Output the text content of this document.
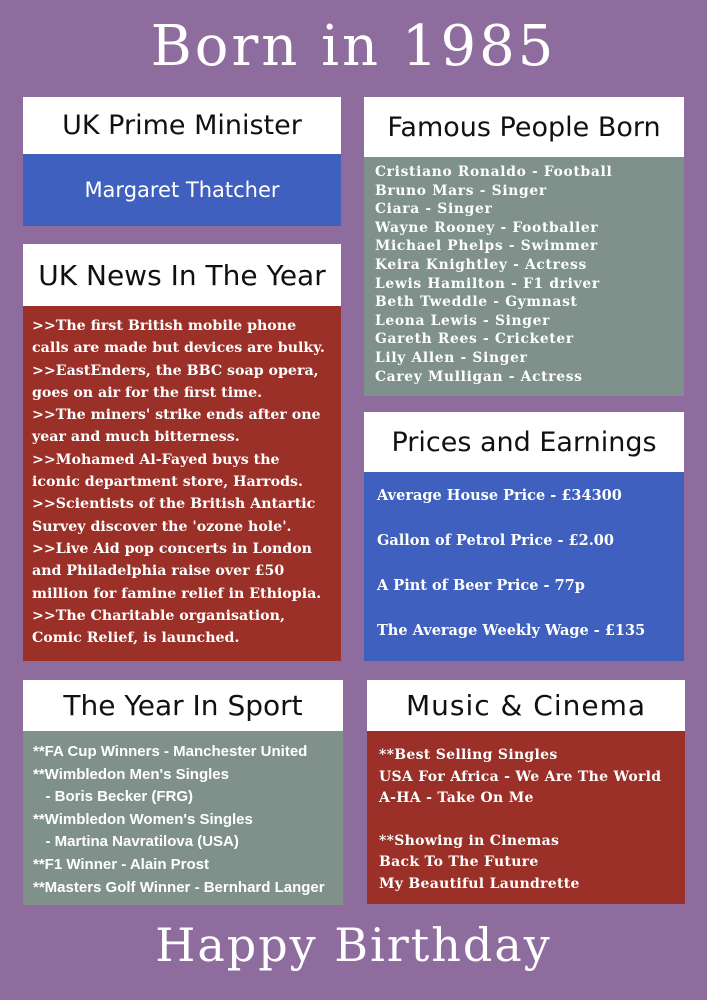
Born in 1985
UK Prime Minister
Margaret Thatcher
UK News In The Year
>>The first British mobile phone calls are made but devices are bulky.
>>EastEnders, the BBC soap opera, goes on air for the first time.
>>The miners' strike ends after one year and much bitterness.
>>Mohamed Al-Fayed buys the iconic department store, Harrods.
>>Scientists of the British Antartic Survey discover the 'ozone hole'.
>>Live Aid pop concerts in London and Philadelphia raise over £50 million for famine relief in Ethiopia.
>>The Charitable organisation, Comic Relief, is launched.
Famous People Born
Cristiano Ronaldo - Football
Bruno Mars - Singer
Ciara - Singer
Wayne Rooney - Footballer
Michael Phelps - Swimmer
Keira Knightley - Actress
Lewis Hamilton - F1 driver
Beth Tweddle - Gymnast
Leona Lewis - Singer
Gareth Rees - Cricketer
Lily Allen - Singer
Carey Mulligan - Actress
Prices and Earnings
Average House Price - £34300
Gallon of Petrol Price - £2.00
A Pint of Beer Price - 77p
The Average Weekly Wage - £135
The Year In Sport
**FA Cup Winners - Manchester United
**Wimbledon Men's Singles
- Boris Becker (FRG)
**Wimbledon Women's Singles
- Martina Navratilova (USA)
**F1 Winner - Alain Prost
**Masters Golf Winner - Bernhard Langer
Music & Cinema
**Best Selling Singles
USA For Africa - We Are The World
A-HA - Take On Me
**Showing in Cinemas
Back To The Future
My Beautiful Laundrette
Happy Birthday
